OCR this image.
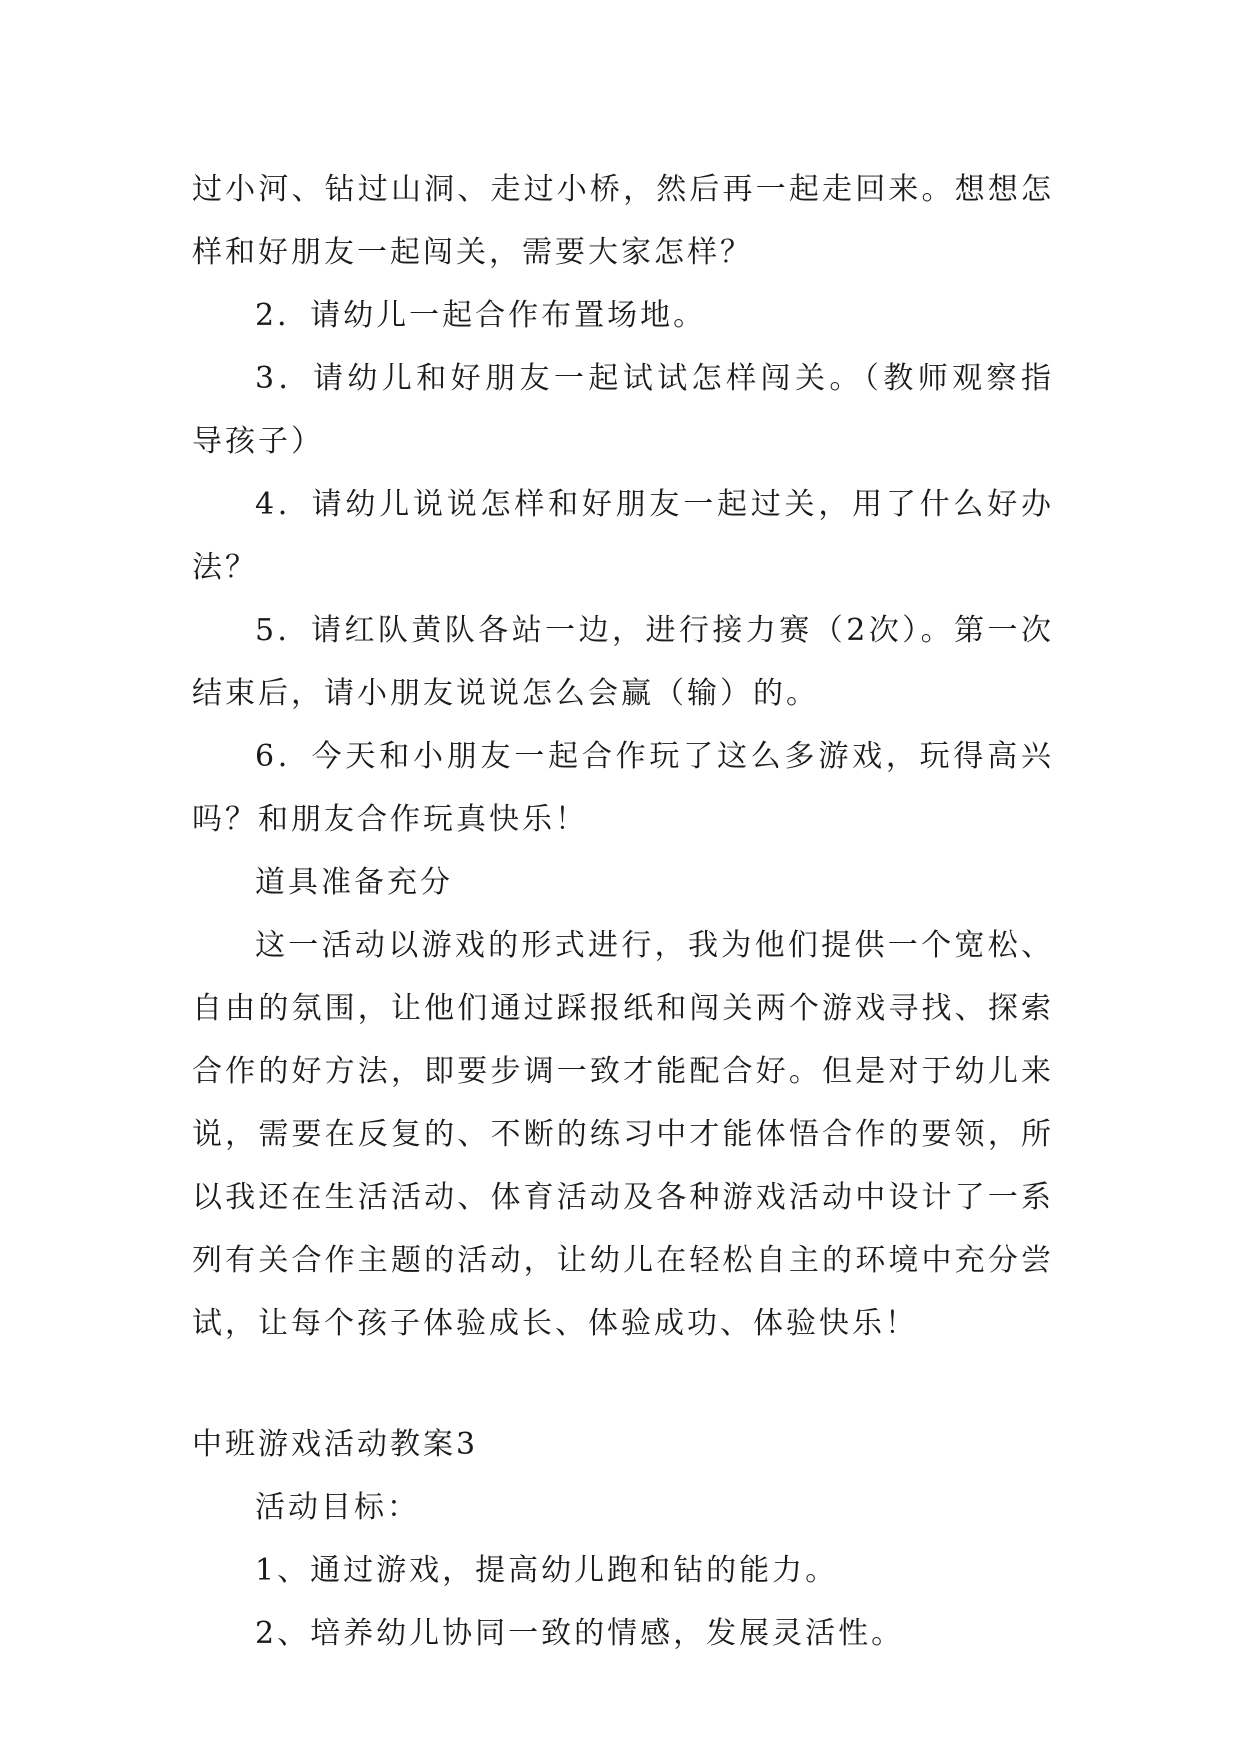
过小河、钻过山洞、走过小桥，然后再一起走回来。想想怎样和好朋友一起闯关，需要大家怎样？

2．请幼儿一起合作布置场地。

3．请幼儿和好朋友一起试试怎样闯关。（教师观察指导孩子）

4．请幼儿说说怎样和好朋友一起过关，用了什么好办法？

5．请红队黄队各站一边，进行接力赛（2次）。第一次结束后，请小朋友说说怎么会赢（输）的。

6．今天和小朋友一起合作玩了这么多游戏，玩得高兴吗？和朋友合作玩真快乐！

道具准备充分

这一活动以游戏的形式进行，我为他们提供一个宽松、自由的氛围，让他们通过踩报纸和闯关两个游戏寻找、探索合作的好方法，即要步调一致才能配合好。但是对于幼儿来说，需要在反复的、不断的练习中才能体悟合作的要领，所以我还在生活活动、体育活动及各种游戏活动中设计了一系列有关合作主题的活动，让幼儿在轻松自主的环境中充分尝试，让每个孩子体验成长、体验成功、体验快乐！

中班游戏活动教案3

活动目标：

1、通过游戏，提高幼儿跑和钻的能力。

2、培养幼儿协同一致的情感，发展灵活性。
